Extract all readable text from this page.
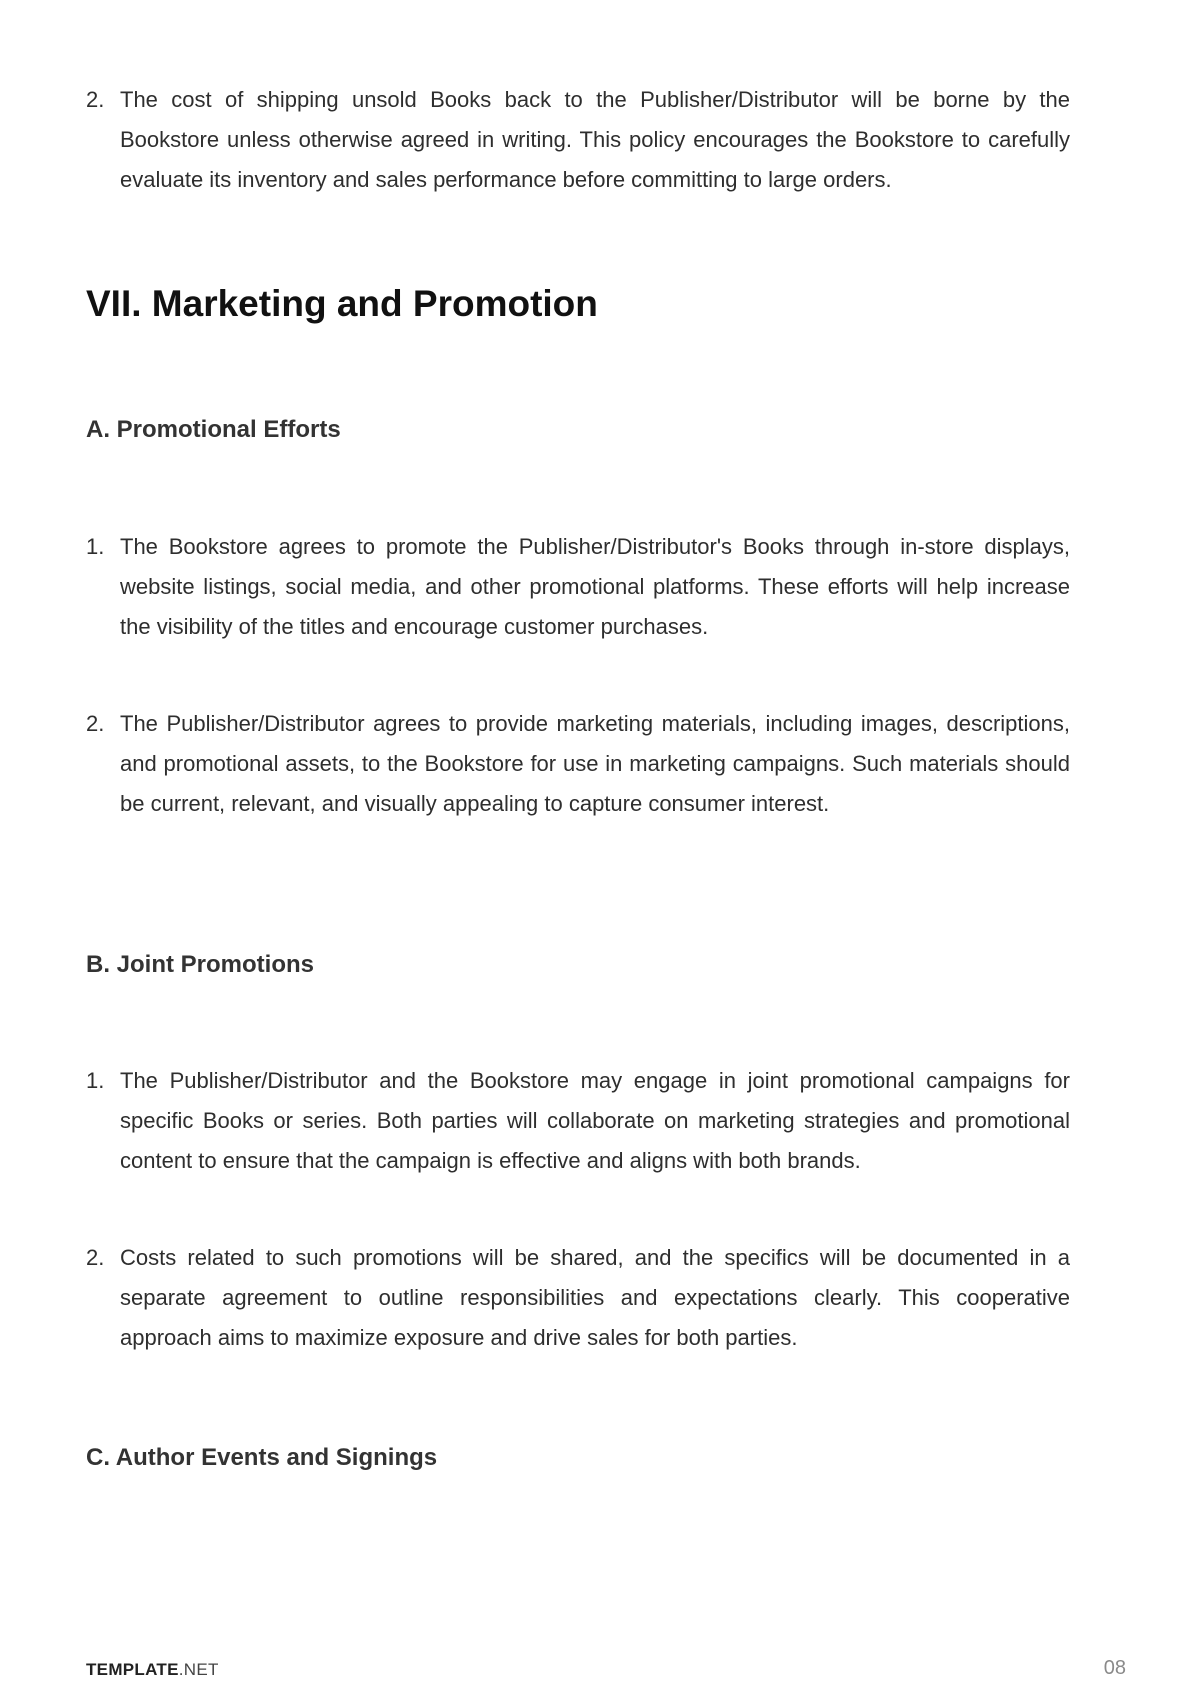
2. The cost of shipping unsold Books back to the Publisher/Distributor will be borne by the Bookstore unless otherwise agreed in writing. This policy encourages the Bookstore to carefully evaluate its inventory and sales performance before committing to large orders.
VII. Marketing and Promotion
A. Promotional Efforts
1. The Bookstore agrees to promote the Publisher/Distributor's Books through in-store displays, website listings, social media, and other promotional platforms. These efforts will help increase the visibility of the titles and encourage customer purchases.
2. The Publisher/Distributor agrees to provide marketing materials, including images, descriptions, and promotional assets, to the Bookstore for use in marketing campaigns. Such materials should be current, relevant, and visually appealing to capture consumer interest.
B. Joint Promotions
1. The Publisher/Distributor and the Bookstore may engage in joint promotional campaigns for specific Books or series. Both parties will collaborate on marketing strategies and promotional content to ensure that the campaign is effective and aligns with both brands.
2. Costs related to such promotions will be shared, and the specifics will be documented in a separate agreement to outline responsibilities and expectations clearly. This cooperative approach aims to maximize exposure and drive sales for both parties.
C. Author Events and Signings
TEMPLATE.NET	08
